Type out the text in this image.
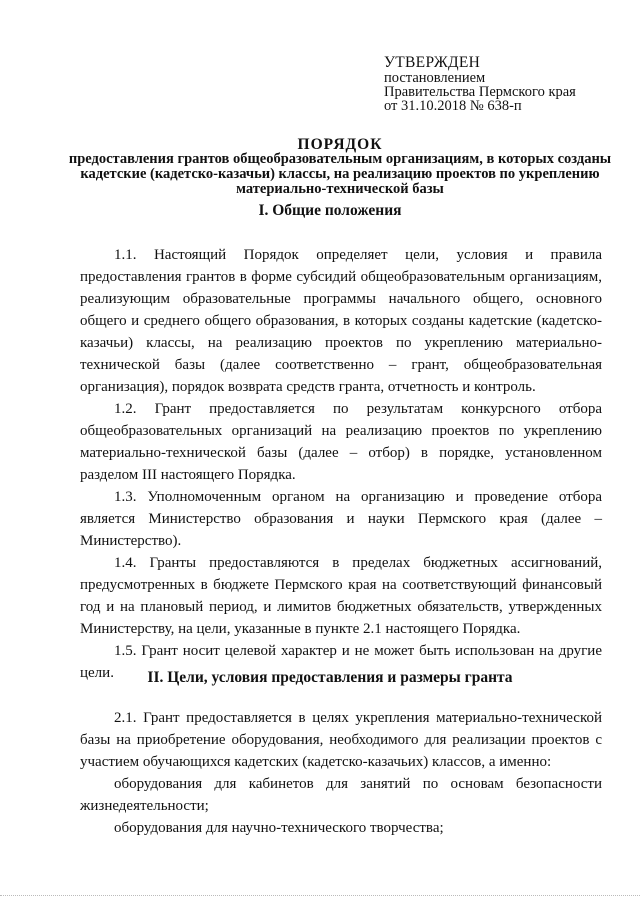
УТВЕРЖДЕН
постановлением
Правительства Пермского края
от 31.10.2018 № 638-п
ПОРЯДОК
предоставления грантов общеобразовательным организациям, в которых созданы кадетские (кадетско-казачьи) классы, на реализацию проектов по укреплению материально-технической базы
I. Общие положения

1.1. Настоящий Порядок определяет цели, условия и правила предоставления грантов в форме субсидий общеобразовательным организациям, реализующим образовательные программы начального общего, основного общего и среднего общего образования, в которых созданы кадетские (кадетско-казачьи) классы, на реализацию проектов по укреплению материально-технической базы (далее соответственно – грант, общеобразовательная организация), порядок возврата средств гранта, отчетность и контроль.

1.2. Грант предоставляется по результатам конкурсного отбора общеобразовательных организаций на реализацию проектов по укреплению материально-технической базы (далее – отбор) в порядке, установленном разделом III настоящего Порядка.

1.3. Уполномоченным органом на организацию и проведение отбора является Министерство образования и науки Пермского края (далее – Министерство).

1.4. Гранты предоставляются в пределах бюджетных ассигнований, предусмотренных в бюджете Пермского края на соответствующий финансовый год и на плановый период, и лимитов бюджетных обязательств, утвержденных Министерству, на цели, указанные в пункте 2.1 настоящего Порядка.

1.5. Грант носит целевой характер и не может быть использован на другие цели.	II. Цели, условия предоставления и размеры гранта

2.1. Грант предоставляется в целях укрепления материально-технической базы на приобретение оборудования, необходимого для реализации проектов с участием обучающихся кадетских (кадетско-казачьих) классов, а именно:

оборудования для кабинетов для занятий по основам безопасности жизнедеятельности;

оборудования для научно-технического творчества;
